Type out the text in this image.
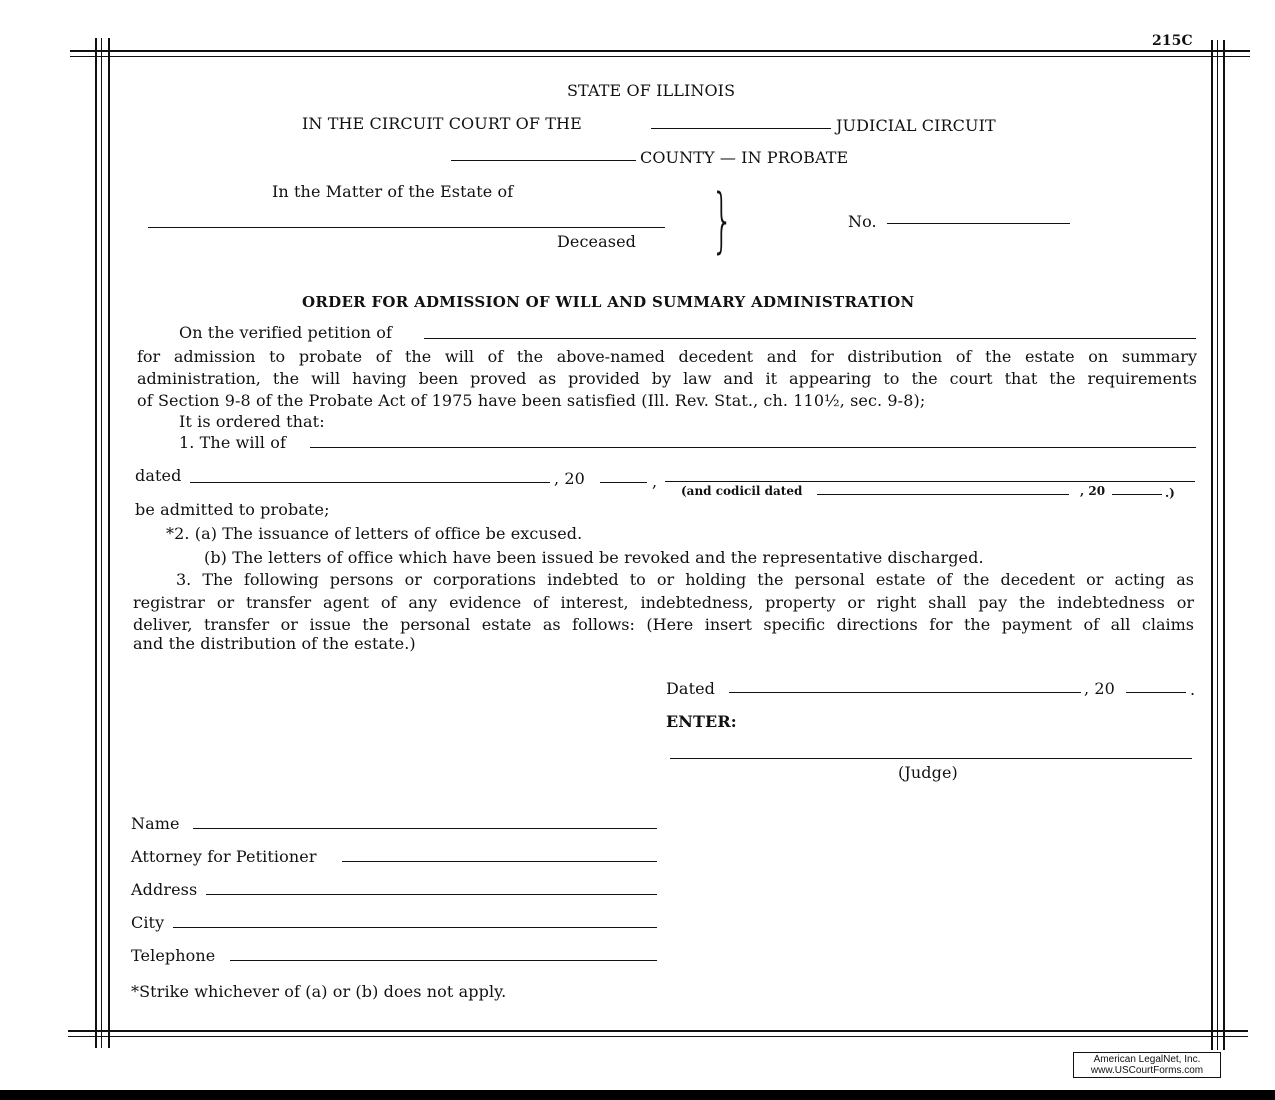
215C
STATE OF ILLINOIS
IN THE CIRCUIT COURT OF THE	JUDICIAL CIRCUIT
COUNTY — IN PROBATE
In the Matter of the Estate of
Deceased }	No.
ORDER FOR ADMISSION OF WILL AND SUMMARY ADMINISTRATION
On the verified petition of
for admission to probate of the will of the above-named decedent and for distribution of the estate on summary
administration, the will having been proved as provided by law and it appearing to the court that the requirements
of Section 9-8 of the Probate Act of 1975 have been satisfied (Ill. Rev. Stat., ch. 110½, sec. 9-8);
It is ordered that:
1. The will of
dated	, 20	, (and codicil dated	, 20	.)
be admitted to probate;
*2. (a) The issuance of letters of office be excused.
(b) The letters of office which have been issued be revoked and the representative discharged.
3. The following persons or corporations indebted to or holding the personal estate of the decedent or acting as
registrar or transfer agent of any evidence of interest, indebtedness, property or right shall pay the indebtedness or
deliver, transfer or issue the personal estate as follows: (Here insert specific directions for the payment of all claims
and the distribution of the estate.)
Dated	, 20	.
ENTER:
(Judge)
Name
Attorney for Petitioner
Address
City
Telephone
*Strike whichever of (a) or (b) does not apply.
American LegalNet, Inc.
www.USCourtForms.com
